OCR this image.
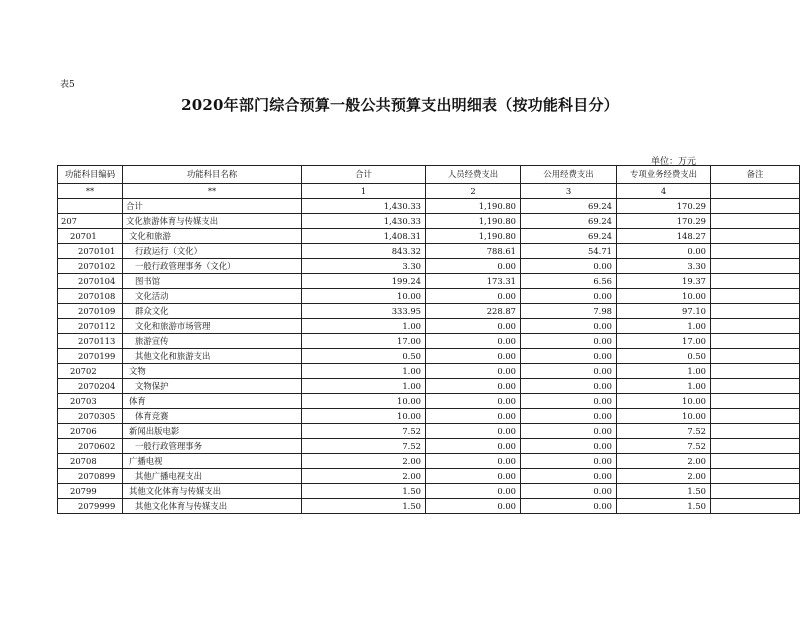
表5
2020年部门综合预算一般公共预算支出明细表（按功能科目分）
单位：万元
功能科目编码	功能科目名称	合计	人员经费支出	公用经费支出	专项业务经费支出	备注
**	**	1	2	3	4	
	合计	1,430.33	1,190.80	69.24	170.29	
207	文化旅游体育与传媒支出	1,430.33	1,190.80	69.24	170.29	
20701	文化和旅游	1,408.31	1,190.80	69.24	148.27	
2070101	行政运行（文化）	843.32	788.61	54.71	0.00	
2070102	一般行政管理事务（文化）	3.30	0.00	0.00	3.30	
2070104	图书馆	199.24	173.31	6.56	19.37	
2070108	文化活动	10.00	0.00	0.00	10.00	
2070109	群众文化	333.95	228.87	7.98	97.10	
2070112	文化和旅游市场管理	1.00	0.00	0.00	1.00	
2070113	旅游宣传	17.00	0.00	0.00	17.00	
2070199	其他文化和旅游支出	0.50	0.00	0.00	0.50	
20702	文物	1.00	0.00	0.00	1.00	
2070204	文物保护	1.00	0.00	0.00	1.00	
20703	体育	10.00	0.00	0.00	10.00	
2070305	体育竞赛	10.00	0.00	0.00	10.00	
20706	新闻出版电影	7.52	0.00	0.00	7.52	
2070602	一般行政管理事务	7.52	0.00	0.00	7.52	
20708	广播电视	2.00	0.00	0.00	2.00	
2070899	其他广播电视支出	2.00	0.00	0.00	2.00	
20799	其他文化体育与传媒支出	1.50	0.00	0.00	1.50	
2079999	其他文化体育与传媒支出	1.50	0.00	0.00	1.50	
